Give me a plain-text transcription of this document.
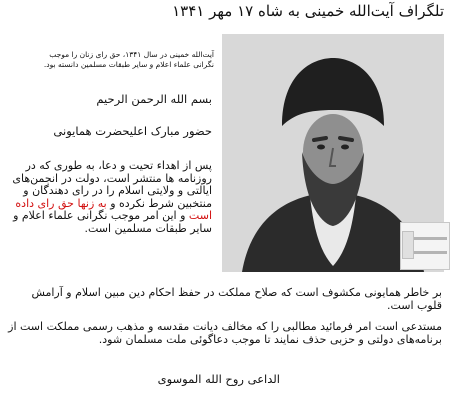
تلگراف آیت‌الله خمینی به شاه ۱۷ مهر ۱۳۴۱
آیت‌الله خمینی در سال ۱۳۴۱، حق رای زنان را موجب
نگرانی علماء اعلام و سایر طبقات مسلمین دانسته بود.
بسم الله الرحمن الرحیم
حضور مبارک اعلیحضرت همایونی
پس از اهداء تحیت و دعا، به طوری که در روزنامه ها منتشر است، دولت در انجمن‌های ایالتی و ولایتی اسلام را در رای دهندگان و منتخبین شرط نکرده و به زنها حق رای داده است و این امر موجب نگرانی علماء اعلام و سایر طبقات مسلمین است.
بر خاطر همایونی مکشوف است که صلاح مملکت در حفظ احکام دین مبین اسلام و آرامش قلوب است.
مستدعی است امر فرمائید مطالبی را که مخالف دیانت مقدسه و مذهب رسمی مملکت است از برنامه‌های دولتی و حزبی حذف نمایند تا موجب دعاگوئی ملت مسلمان شود.
الداعی روح الله الموسوی
